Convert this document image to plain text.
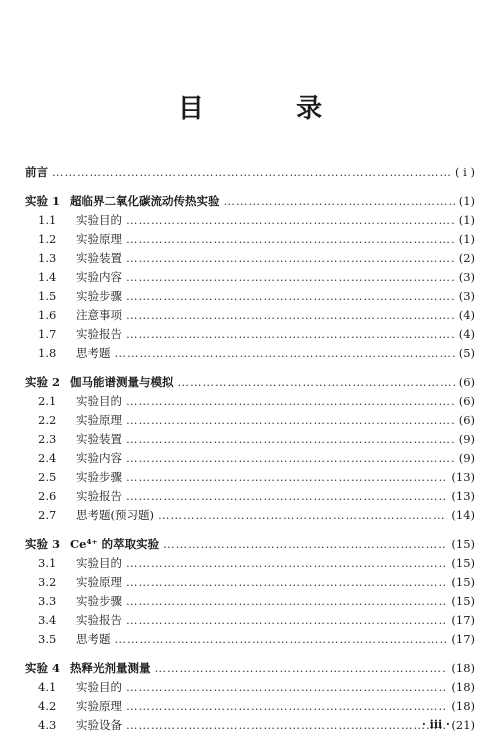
目 录
前言 ……………………………………………………………………………………………………………………………………………………………………………………………………	( i )
实验 1 超临界二氧化碳流动传热实验 ……………………………………………………………………………………………………………………………………………………………………………………………………	(1)
1.1	实验目的 ……………………………………………………………………………………………………………………………………………………………………………………………………	(1)
1.2	实验原理 ……………………………………………………………………………………………………………………………………………………………………………………………………	(1)
1.3	实验装置 ……………………………………………………………………………………………………………………………………………………………………………………………………	(2)
1.4	实验内容 ……………………………………………………………………………………………………………………………………………………………………………………………………	(3)
1.5	实验步骤 ……………………………………………………………………………………………………………………………………………………………………………………………………	(3)
1.6	注意事项 ……………………………………………………………………………………………………………………………………………………………………………………………………	(4)
1.7	实验报告 ……………………………………………………………………………………………………………………………………………………………………………………………………	(4)
1.8	思考题 ……………………………………………………………………………………………………………………………………………………………………………………………………	(5)
实验 2 伽马能谱测量与模拟 ……………………………………………………………………………………………………………………………………………………………………………………………………	(6)
2.1	实验目的 ……………………………………………………………………………………………………………………………………………………………………………………………………	(6)
2.2	实验原理 ……………………………………………………………………………………………………………………………………………………………………………………………………	(6)
2.3	实验装置 ……………………………………………………………………………………………………………………………………………………………………………………………………	(9)
2.4	实验内容 ……………………………………………………………………………………………………………………………………………………………………………………………………	(9)
2.5	实验步骤 ……………………………………………………………………………………………………………………………………………………………………………………………………	(13)
2.6	实验报告 ……………………………………………………………………………………………………………………………………………………………………………………………………	(13)
2.7	思考题(预习题) ……………………………………………………………………………………………………………………………………………………………………………………………………	(14)
实验 3 Ce⁴⁺ 的萃取实验 ……………………………………………………………………………………………………………………………………………………………………………………………………	(15)
3.1	实验目的 ……………………………………………………………………………………………………………………………………………………………………………………………………	(15)
3.2	实验原理 ……………………………………………………………………………………………………………………………………………………………………………………………………	(15)
3.3	实验步骤 ……………………………………………………………………………………………………………………………………………………………………………………………………	(15)
3.4	实验报告 ……………………………………………………………………………………………………………………………………………………………………………………………………	(17)
3.5	思考题 ……………………………………………………………………………………………………………………………………………………………………………………………………	(17)
实验 4 热释光剂量测量 ……………………………………………………………………………………………………………………………………………………………………………………………………	(18)
4.1	实验目的 ……………………………………………………………………………………………………………………………………………………………………………………………………	(18)
4.2	实验原理 ……………………………………………………………………………………………………………………………………………………………………………………………………	(18)
4.3	实验设备 ……………………………………………………………………………………………………………………………………………………………………………………………………	(21)
· iii ·
